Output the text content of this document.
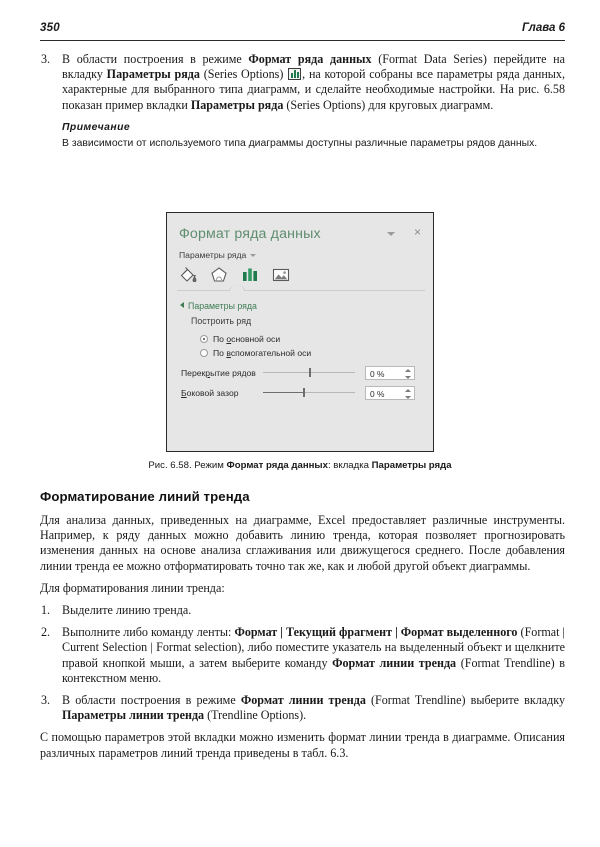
350	Глава 6
3. В области построения в режиме Формат ряда данных (Format Data Series) перейдите на вкладку Параметры ряда (Series Options)
, на которой собраны все параметры ряда данных, характерные для выбранного типа диаграмм, и сделайте необходимые настройки. На рис. 6.58 показан пример вкладки Параметры ряда (Series Options) для круговых диаграмм.
Примечание
В зависимости от используемого типа диаграммы доступны различные параметры рядов данных.
Формат ряда данных	×
Параметры ряда
Параметры ряда
Построить ряд
По основной оси
По вспомогательной оси
Перекрытие рядов	0 %
Боковой зазор	0 %
Рис. 6.58. Режим Формат ряда данных: вкладка Параметры ряда
Форматирование линий тренда

Для анализа данных, приведенных на диаграмме, Excel предоставляет различные инструменты. Например, к ряду данных можно добавить линию тренда, которая позволяет прогнозировать изменения данных на основе анализа сглаживания или движущегося среднего. После добавления линии тренда ее можно отформатировать точно так же, как и любой другой объект диаграммы.

Для форматирования линии тренда:

1. Выделите линию тренда.
2. Выполните либо команду ленты: Формат | Текущий фрагмент | Формат выделенного (Format | Current Selection | Format selection), либо поместите указатель на выделенный объект и щелкните правой кнопкой мыши, а затем выберите команду Формат линии тренда (Format Trendline) в контекстном меню.
3. В области построения в режиме Формат линии тренда (Format Trendline) выберите вкладку Параметры линии тренда (Trendline Options).

С помощью параметров этой вкладки можно изменить формат линии тренда в диаграмме. Описания различных параметров линий тренда приведены в табл. 6.3.
